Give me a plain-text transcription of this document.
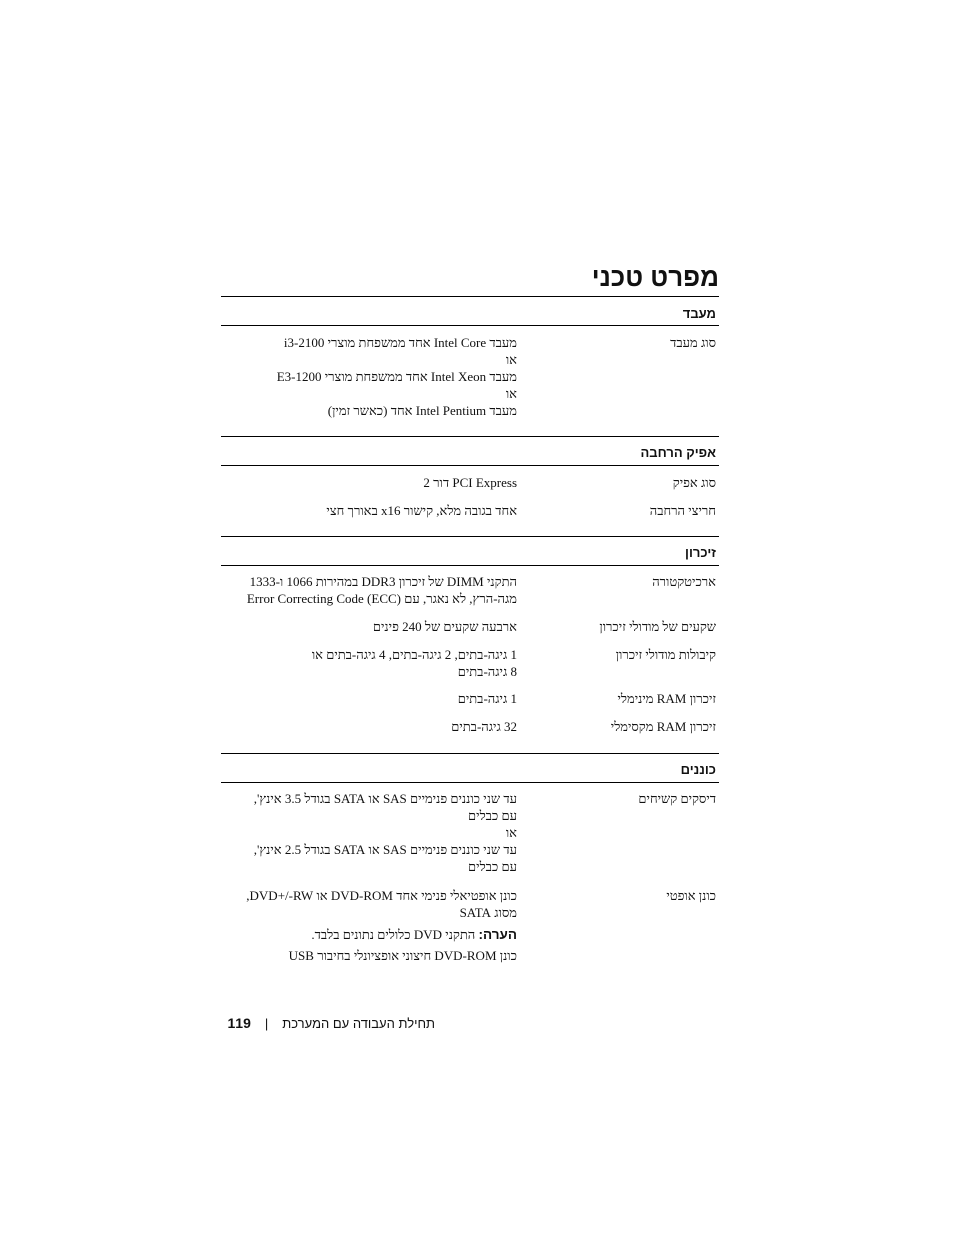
מפרט טכני
מעבד
סוג מעבד
מעבד Intel Core אחד ממשפחת מוצרי i3-2100
או
מעבד Intel Xeon אחד ממשפחת מוצרי E3-1200
או
מעבד Intel Pentium אחד (כאשר זמין)
אפיק הרחבה
סוג אפיק
PCI Express דור 2
חריצי הרחבה
אחד בגובה מלא, קישור x16 באורך חצי
זיכרון
ארכיטקטורה
התקני DIMM של זיכרון DDR3 במהירות 1066 ו-1333
מגה-הרץ, לא נאגר, עם Error Correcting Code (ECC)
שקעים של מודולי זיכרון
ארבעה שקעים של 240 פינים
קיבולות מודולי זיכרון
1 גיגה-בתים, 2 גיגה-בתים, 4 גיגה-בתים או
8 גיגה-בתים
זיכרון RAM מינימלי
1 גיגה-בתים
זיכרון RAM מקסימלי
32 גיגה-בתים
כוננים
דיסקים קשיחים
עד שני כוננים פנימיים SAS או SATA בגודל 3.5 אינץ',
עם כבלים
או
עד שני כוננים פנימיים SAS או SATA בגודל 2.5 אינץ',
עם כבלים
כונן אופטי
כונן אופטיאלי פנימי אחד DVD-ROM או DVD+/-RW,
מסוג SATA
הערה: התקני DVD כלולים נתונים בלבד.
כונן DVD-ROM חיצוני אופציונלי בחיבור USB
תחילת העבודה עם המערכת|119
